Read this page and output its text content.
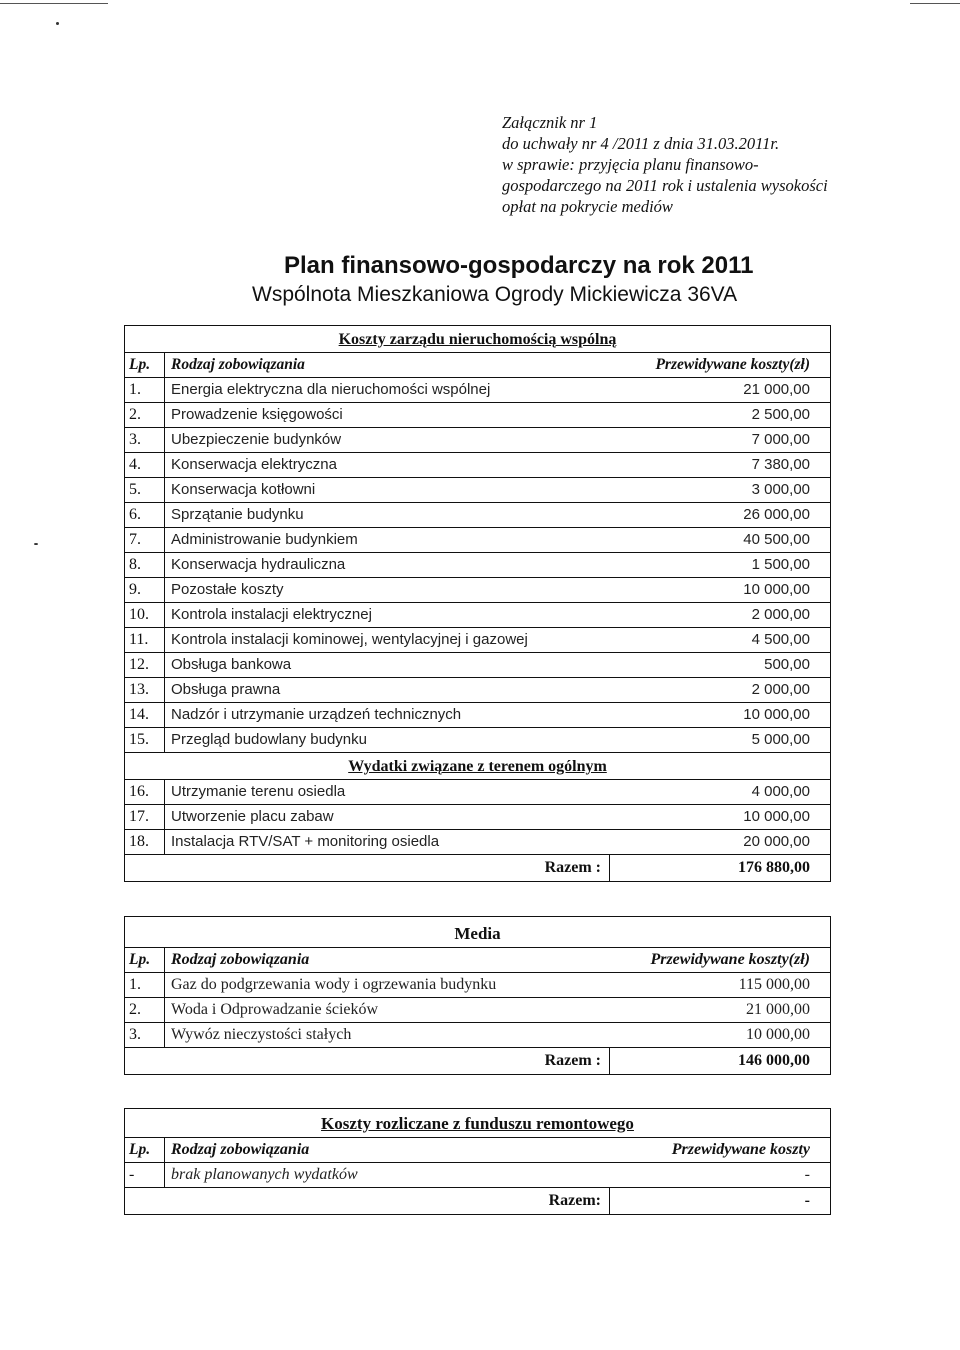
Załącznik nr 1
do uchwały nr 4 /2011 z dnia 31.03.2011r.
w sprawie: przyjęcia planu finansowo-
gospodarczego na 2011 rok i ustalenia wysokości
opłat na pokrycie mediów
Plan finansowo-gospodarczy na rok 2011
Wspólnota Mieszkaniowa Ogrody Mickiewicza 36VA
Koszty zarządu nieruchomością wspólną
Lp.	Rodzaj zobowiązania	Przewidywane koszty(zł)
1.	Energia elektryczna dla nieruchomości wspólnej	21 000,00
2.	Prowadzenie księgowości	2 500,00
3.	Ubezpieczenie budynków	7 000,00
4.	Konserwacja elektryczna	7 380,00
5.	Konserwacja kotłowni	3 000,00
6.	Sprzątanie budynku	26 000,00
7.	Administrowanie budynkiem	40 500,00
8.	Konserwacja hydrauliczna	1 500,00
9.	Pozostałe koszty	10 000,00
10.	Kontrola instalacji elektrycznej	2 000,00
11.	Kontrola instalacji kominowej, wentylacyjnej i gazowej	4 500,00
12.	Obsługa bankowa	500,00
13.	Obsługa prawna	2 000,00
14.	Nadzór i utrzymanie urządzeń technicznych	10 000,00
15.	Przegląd budowlany budynku	5 000,00
Wydatki związane z terenem ogólnym
16.	Utrzymanie terenu osiedla	4 000,00
17.	Utworzenie placu zabaw	10 000,00
18.	Instalacja RTV/SAT + monitoring osiedla	20 000,00
Razem :	176 880,00
Media
Lp.	Rodzaj zobowiązania	Przewidywane koszty(zł)
1.	Gaz do podgrzewania wody i ogrzewania budynku	115 000,00
2.	Woda i Odprowadzanie ścieków	21 000,00
3.	Wywóz nieczystości stałych	10 000,00
Razem :	146 000,00
Koszty rozliczane z funduszu remontowego
Lp.	Rodzaj zobowiązania	Przewidywane koszty
-	brak planowanych wydatków	-
Razem:	-
